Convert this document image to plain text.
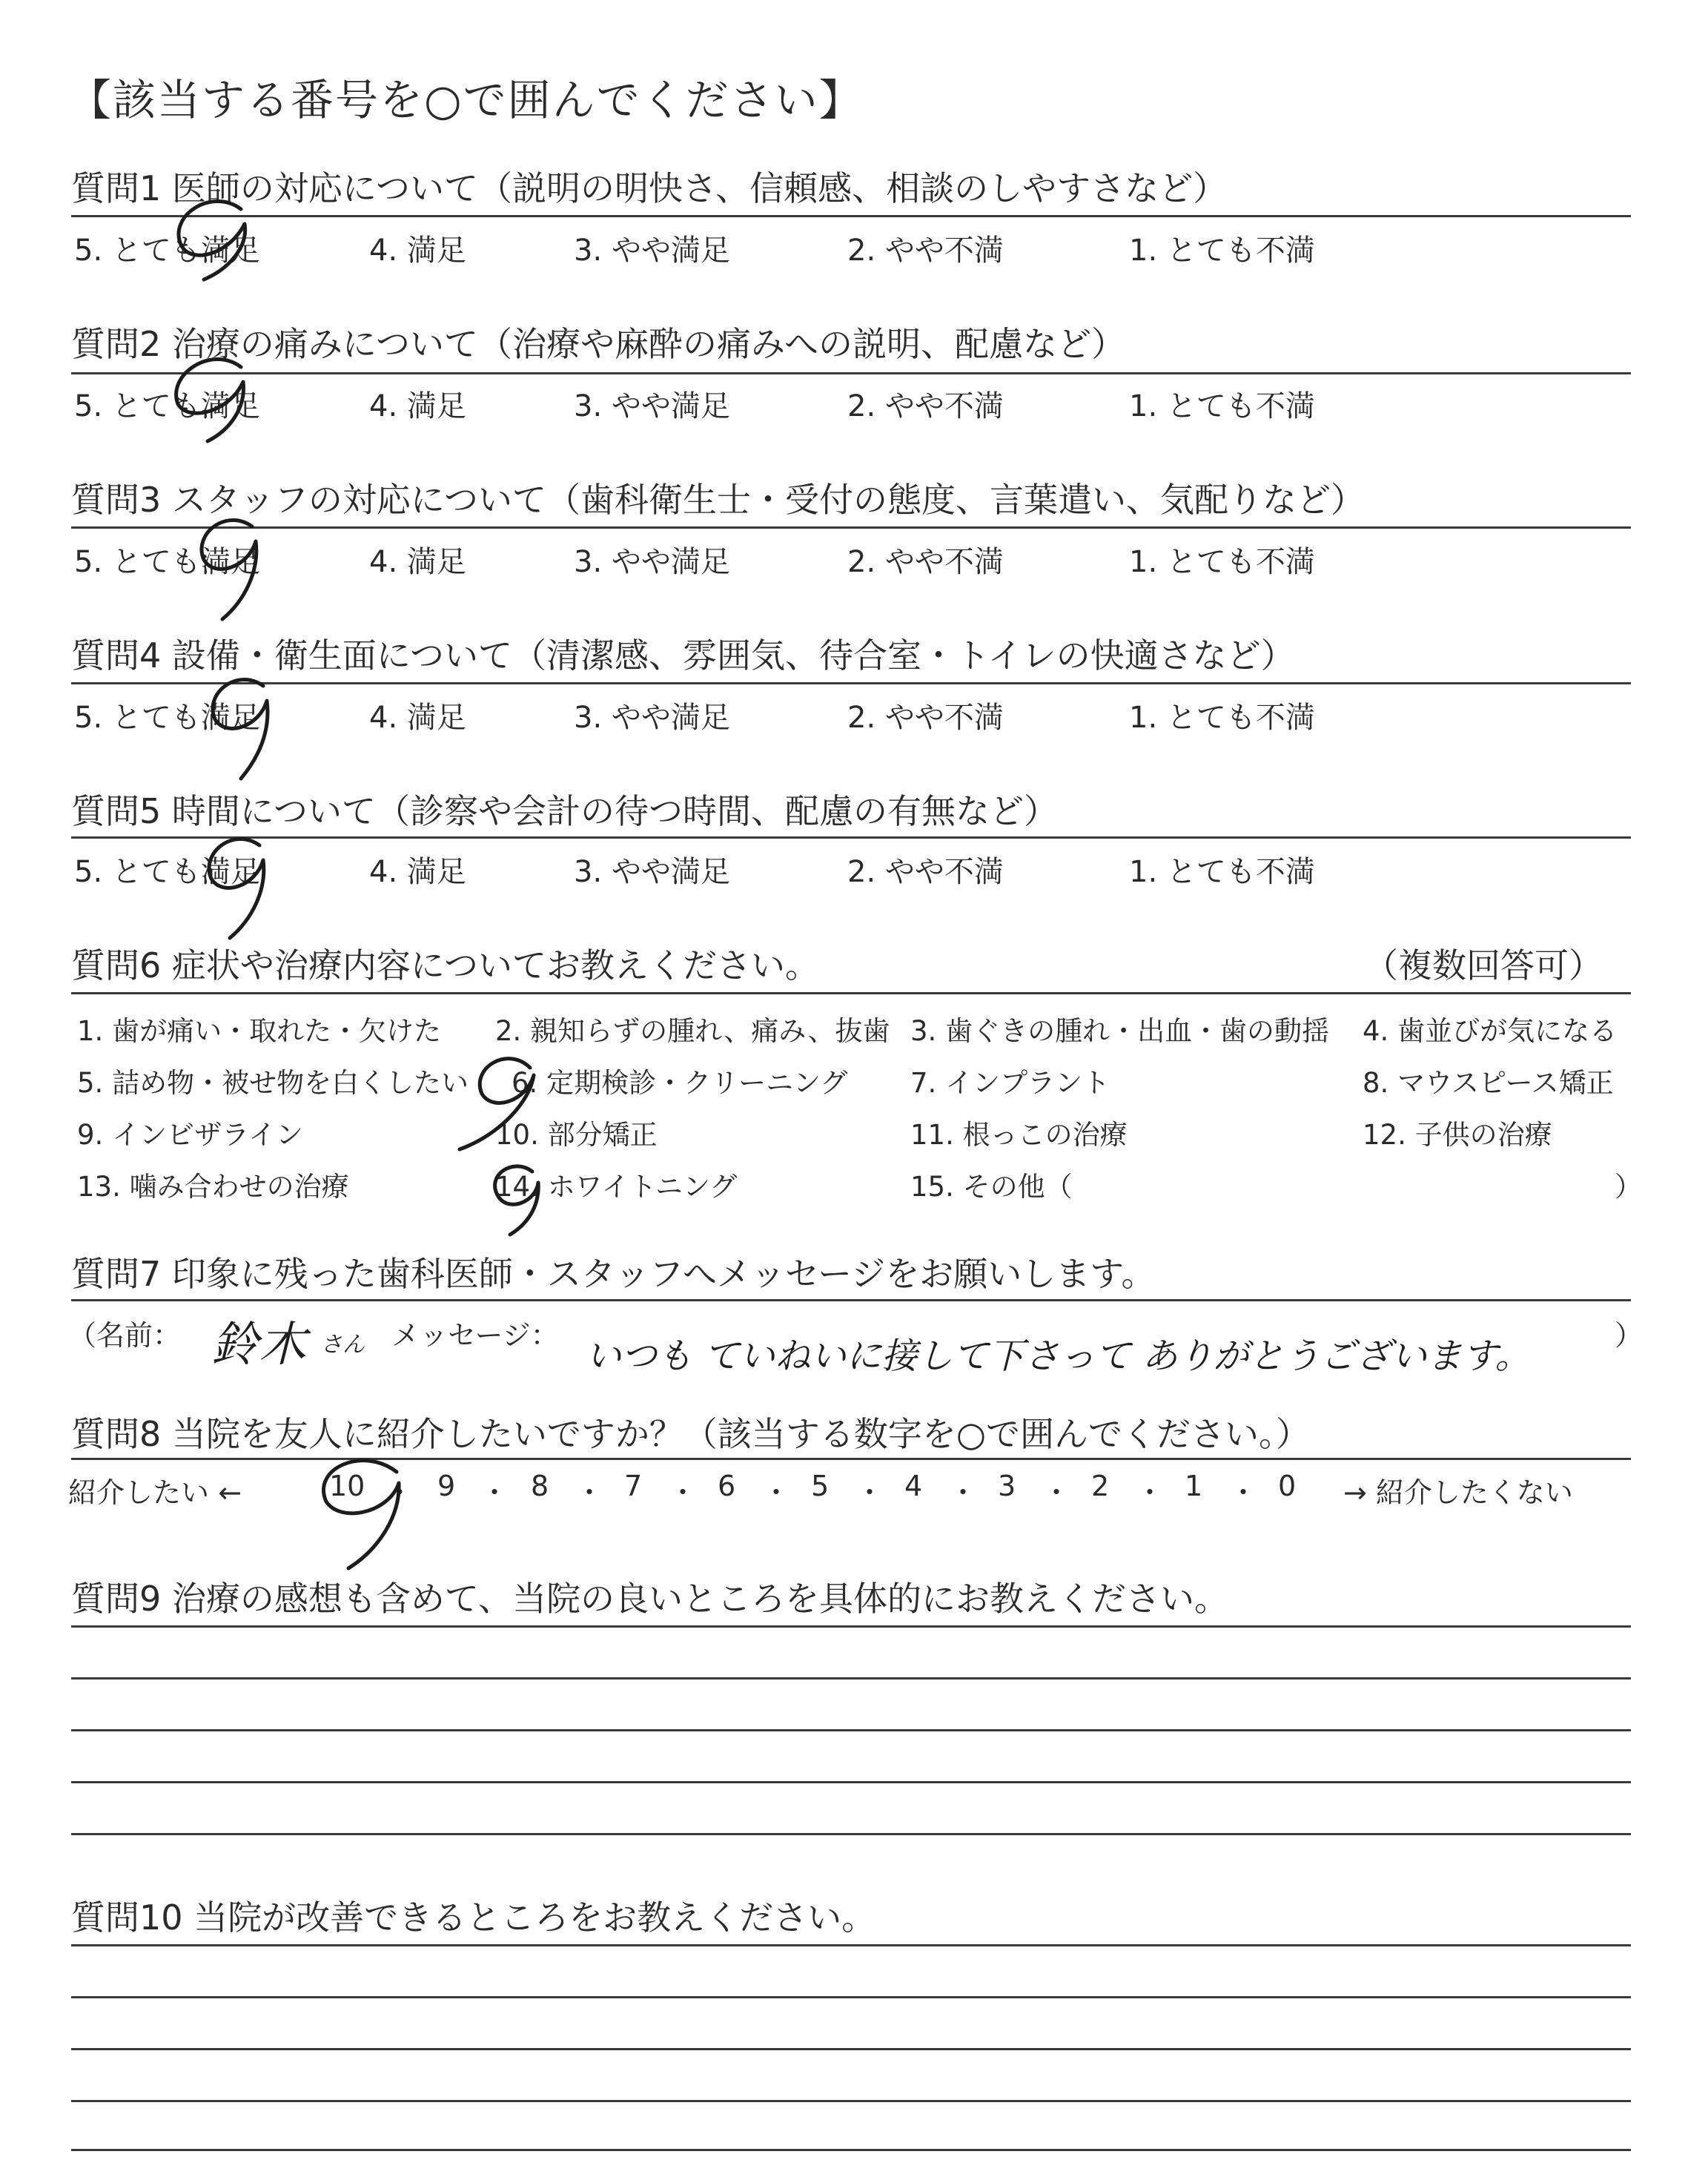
【該当する番号を○で囲んでください】
質問1 医師の対応について（説明の明快さ、信頼感、相談のしやすさなど）
5. とても満足	4. 満足	3. やや満足	2. やや不満	1. とても不満
質問2 治療の痛みについて（治療や麻酔の痛みへの説明、配慮など）
5. とても満足	4. 満足	3. やや満足	2. やや不満	1. とても不満
質問3 スタッフの対応について（歯科衛生士・受付の態度、言葉遣い、気配りなど）
5. とても満足	4. 満足	3. やや満足	2. やや不満	1. とても不満
質問4 設備・衛生面について（清潔感、雰囲気、待合室・トイレの快適さなど）
5. とても満足	4. 満足	3. やや満足	2. やや不満	1. とても不満
質問5 時間について（診察や会計の待つ時間、配慮の有無など）
5. とても満足	4. 満足	3. やや満足	2. やや不満	1. とても不満
質問6 症状や治療内容についてお教えください。	（複数回答可）
1. 歯が痛い・取れた・欠けた 2. 親知らずの腫れ、痛み、抜歯 3. 歯ぐきの腫れ・出血・歯の動揺 4. 歯並びが気になる
5. 詰め物・被せ物を白くしたい 6. 定期検診・クリーニング 7. インプラント	8. マウスピース矯正
9. インビザライン	10. 部分矯正	11. 根っこの治療	12. 子供の治療
13. 噛み合わせの治療	14. ホワイトニング	15. その他（	）
質問7 印象に残った歯科医師・スタッフへメッセージをお願いします。
（名前： 鈴木 さん メッセージ： いつも ていねいに接して下さって ありがとうございます。	）
質問8 当院を友人に紹介したいですか？（該当する数字を○で囲んでください。）
紹介したい ←	→ 紹介したくない
10 ・ 9 ・ 8 ・ 7 ・ 6 ・ 5 ・ 4 ・ 3 ・ 2 ・ 1 ・ 0
質問9 治療の感想も含めて、当院の良いところを具体的にお教えください。
質問10 当院が改善できるところをお教えください。
